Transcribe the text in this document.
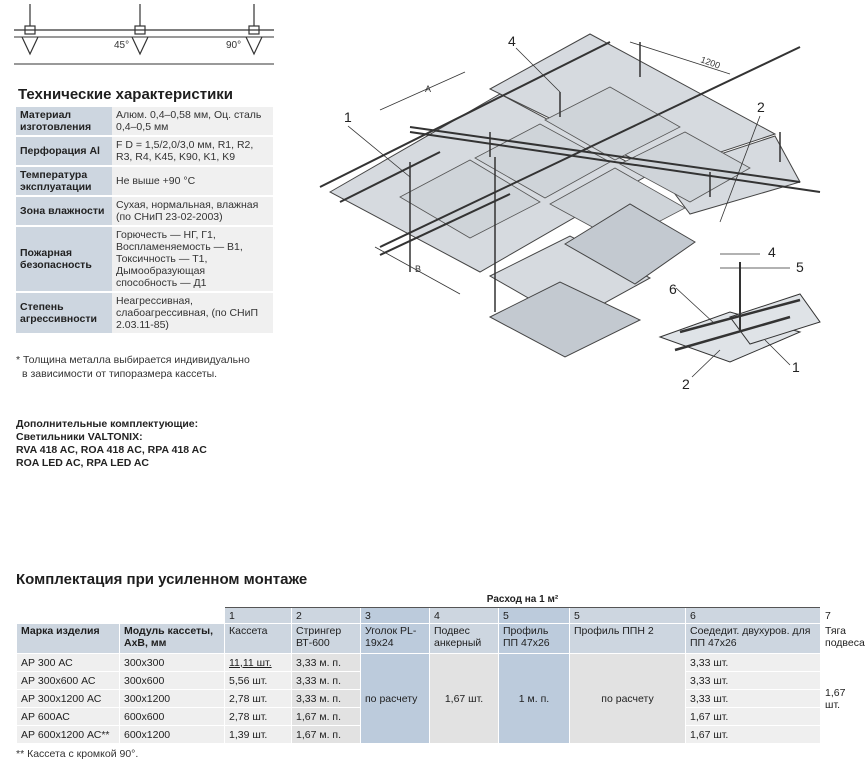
45°	90°
Технические характеристики
Материал изготовления	Алюм. 0,4–0,58 мм, Оц. сталь 0,4–0,5 мм
Перфорация Al	F D = 1,5/2,0/3,0 мм, R1, R2, R3, R4, K45, K90, K1, K9
Температура эксплуатации	Не выше +90 °С
Зона влажности	Сухая, нормальная, влажная (по СНиП 23-02-2003)
Пожарная безопасность	Горючесть — НГ, Г1, Воспламеняемость — В1, Токсичность — Т1, Дымообразующая способность — Д1
Степень агрессивности	Неагрессивная, слабоагрессивная, (по СНиП 2.03.11-85)
* Толщина металла выбирается индивидуально
в зависимости от типоразмера кассеты.
Дополнительные комплектующие:
Светильники VALTONIX:
RVA 418 AC, ROA 418 AC, RPA 418 AC
ROA LED AC, RPA LED AC
1200
A
B
1
4
2
4
5
6
2
1
Комплектация при усиленном монтаже
		Расход на 1 м²							
		1	2	3	4	5	5	6	7
Марка изделия	Модуль кассеты, АхВ, мм	Кассета	Стрингер ВТ-600	Уголок PL-19х24	Подвес анкерный	Профиль ПП 47х26	Профиль ППН 2	Соедедит. двухуров. для ПП 47х26	Тяга подвеса
АР 300 АС	300х300	11,11 шт.	3,33 м. п.	по расчету	1,67 шт.	1 м. п.	по расчету	3,33 шт.	1,67 шт.
АР 300х600 АС	300х600	5,56 шт.	3,33 м. п.					3,33 шт.	
АР 300х1200 АС	300х1200	2,78 шт.	3,33 м. п.					3,33 шт.	
АР 600АС	600х600	2,78 шт.	1,67 м. п.					1,67 шт.	
АР 600х1200 АС**	600х1200	1,39 шт.	1,67 м. п.					1,67 шт.	
** Кассета с кромкой 90°.
